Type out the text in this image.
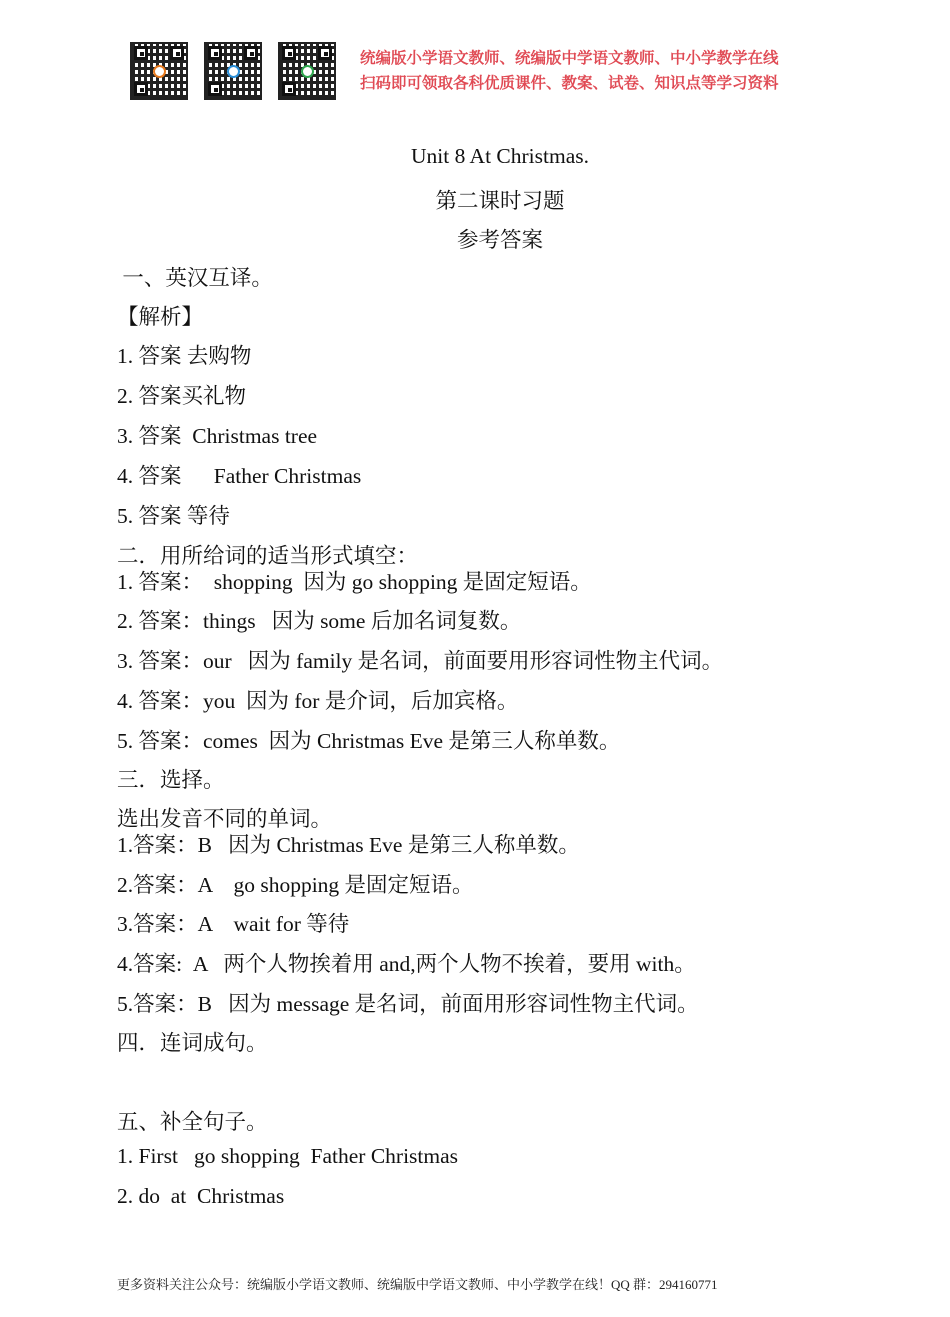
统编版小学语文教师、统编版中学语文教师、中小学教学在线
扫码即可领取各科优质课件、教案、试卷、知识点等学习资料
Unit 8 At Christmas.
第二课时习题
参考答案
一、英汉互译。
【解析】
1. 答案 去购物
2. 答案买礼物
3. 答案  Christmas tree
4. 答案      Father Christmas
5. 答案 等待
二．用所给词的适当形式填空：
1. 答案：  shopping  因为 go shopping 是固定短语。
2. 答案：things   因为 some 后加名词复数。
3. 答案：our   因为 family 是名词，前面要用形容词性物主代词。
4. 答案：you  因为 for 是介词，后加宾格。
5. 答案：comes  因为 Christmas Eve 是第三人称单数。
三．选择。
选出发音不同的单词。
1.答案：B   因为 Christmas Eve 是第三人称单数。
2.答案：A    go shopping 是固定短语。
3.答案：A    wait for 等待
4.答案:  A   两个人物挨着用 and,两个人物不挨着，要用 with。
5.答案：B   因为 message 是名词，前面用形容词性物主代词。
四．连词成句。
五、补全句子。
1. First   go shopping  Father Christmas
2. do  at  Christmas
更多资料关注公众号：统编版小学语文教师、统编版中学语文教师、中小学教学在线！QQ 群：294160771
